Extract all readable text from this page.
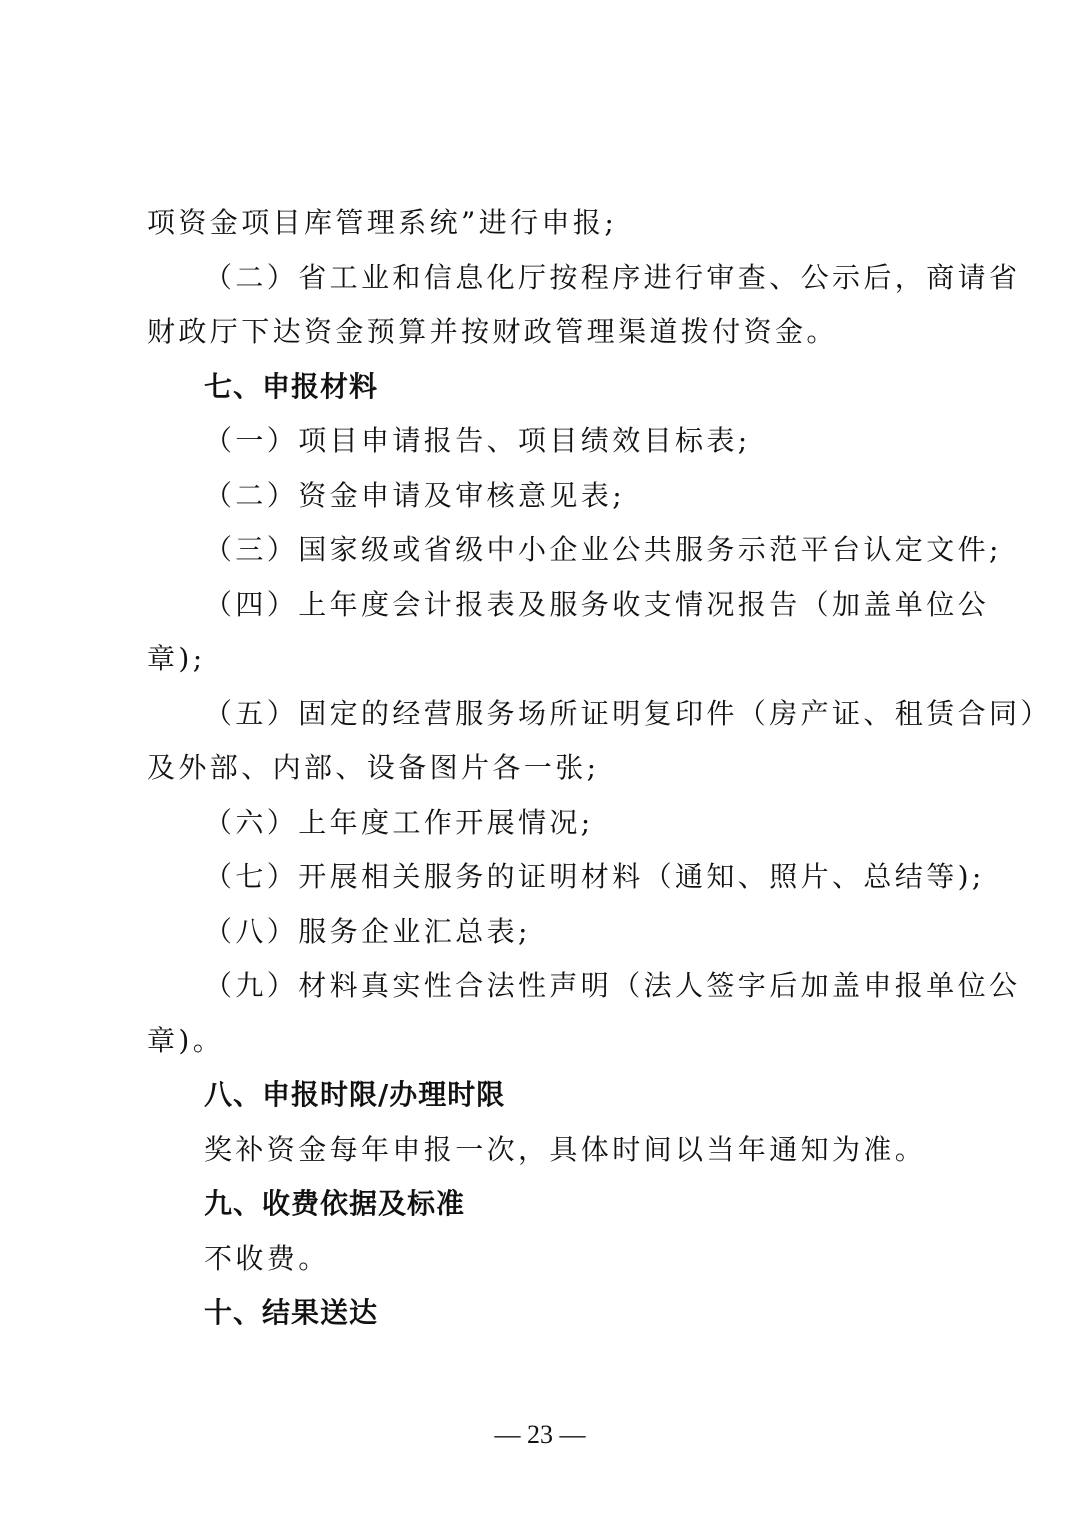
项资金项目库管理系统”进行申报;
（二）省工业和信息化厅按程序进行审查、公示后，商请省
财政厅下达资金预算并按财政管理渠道拨付资金。
七、申报材料
（一）项目申请报告、项目绩效目标表;
（二）资金申请及审核意见表;
（三）国家级或省级中小企业公共服务示范平台认定文件;
（四）上年度会计报表及服务收支情况报告（加盖单位公
章);
（五）固定的经营服务场所证明复印件（房产证、租赁合同）
及外部、内部、设备图片各一张;
（六）上年度工作开展情况;
（七）开展相关服务的证明材料（通知、照片、总结等);
（八）服务企业汇总表;
（九）材料真实性合法性声明（法人签字后加盖申报单位公
章)。
八、申报时限/办理时限
奖补资金每年申报一次，具体时间以当年通知为准。
九、收费依据及标准
不收费。
十、结果送达
— 23 —
